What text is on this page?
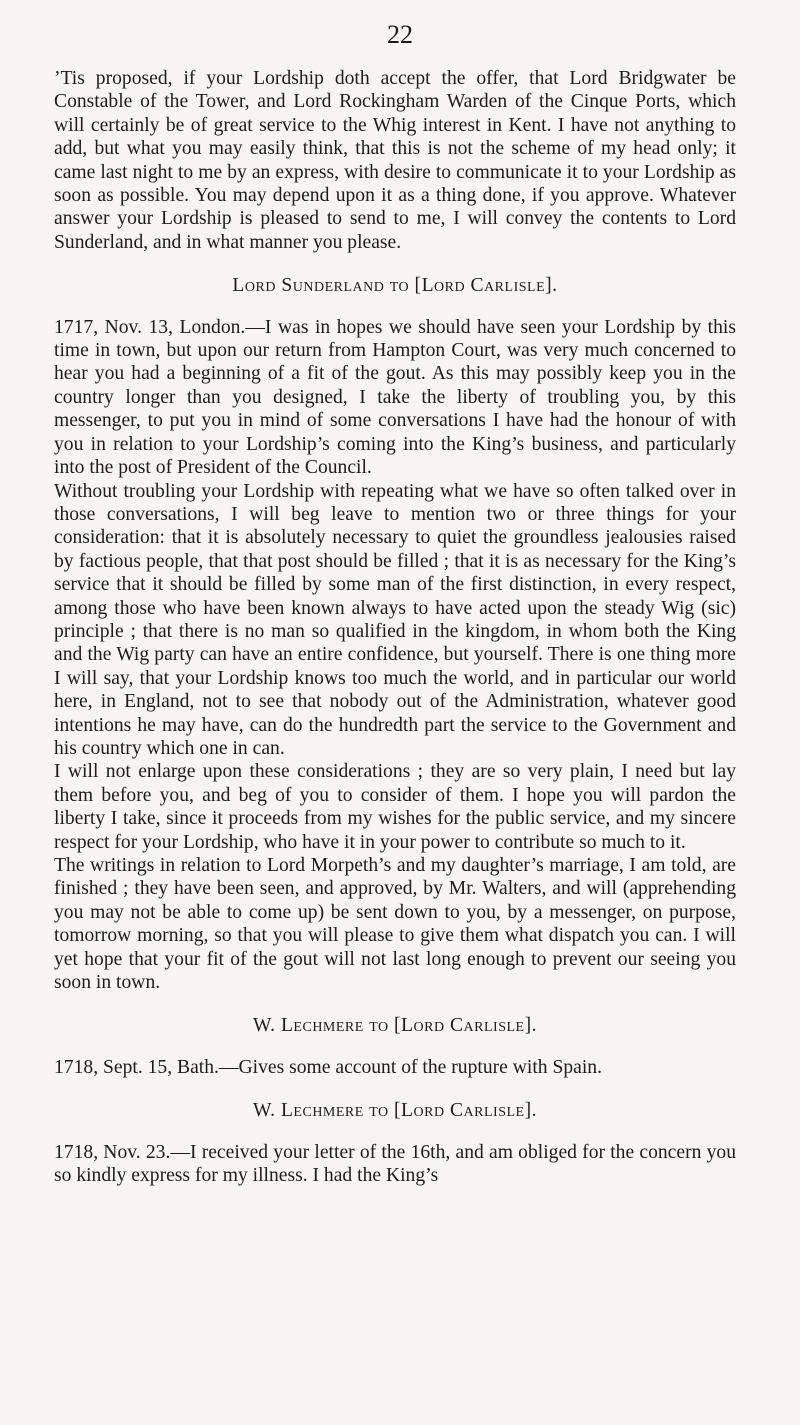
22

’Tis proposed, if your Lordship doth accept the offer, that Lord Bridgwater be Constable of the Tower, and Lord Rockingham Warden of the Cinque Ports, which will certainly be of great service to the Whig interest in Kent. I have not anything to add, but what you may easily think, that this is not the scheme of my head only; it came last night to me by an express, with desire to communicate it to your Lordship as soon as possible. You may depend upon it as a thing done, if you approve. Whatever answer your Lordship is pleased to send to me, I will convey the contents to Lord Sunderland, and in what manner you please.

Lord Sunderland to [Lord Carlisle].

1717, Nov. 13, London.—I was in hopes we should have seen your Lordship by this time in town, but upon our return from Hampton Court, was very much concerned to hear you had a beginning of a fit of the gout. As this may possibly keep you in the country longer than you designed, I take the liberty of troubling you, by this messenger, to put you in mind of some conversations I have had the honour of with you in relation to your Lordship’s coming into the King’s business, and particularly into the post of President of the Council.

Without troubling your Lordship with repeating what we have so often talked over in those conversations, I will beg leave to mention two or three things for your consideration: that it is absolutely necessary to quiet the groundless jealousies raised by factious people, that that post should be filled ; that it is as necessary for the King’s service that it should be filled by some man of the first distinction, in every respect, among those who have been known always to have acted upon the steady Wig (sic) principle ; that there is no man so qualified in the kingdom, in whom both the King and the Wig party can have an entire confidence, but yourself. There is one thing more I will say, that your Lordship knows too much the world, and in particular our world here, in England, not to see that nobody out of the Administration, whatever good intentions he may have, can do the hundredth part the service to the Government and his country which one in can.

I will not enlarge upon these considerations ; they are so very plain, I need but lay them before you, and beg of you to consider of them. I hope you will pardon the liberty I take, since it proceeds from my wishes for the public service, and my sincere respect for your Lordship, who have it in your power to contribute so much to it.

The writings in relation to Lord Morpeth’s and my daughter’s marriage, I am told, are finished ; they have been seen, and approved, by Mr. Walters, and will (apprehending you may not be able to come up) be sent down to you, by a messenger, on purpose, tomorrow morning, so that you will please to give them what dispatch you can. I will yet hope that your fit of the gout will not last long enough to prevent our seeing you soon in town.

W. Lechmere to [Lord Carlisle].

1718, Sept. 15, Bath.—Gives some account of the rupture with Spain.

W. Lechmere to [Lord Carlisle].

1718, Nov. 23.—I received your letter of the 16th, and am obliged for the concern you so kindly express for my illness. I had the King’s
